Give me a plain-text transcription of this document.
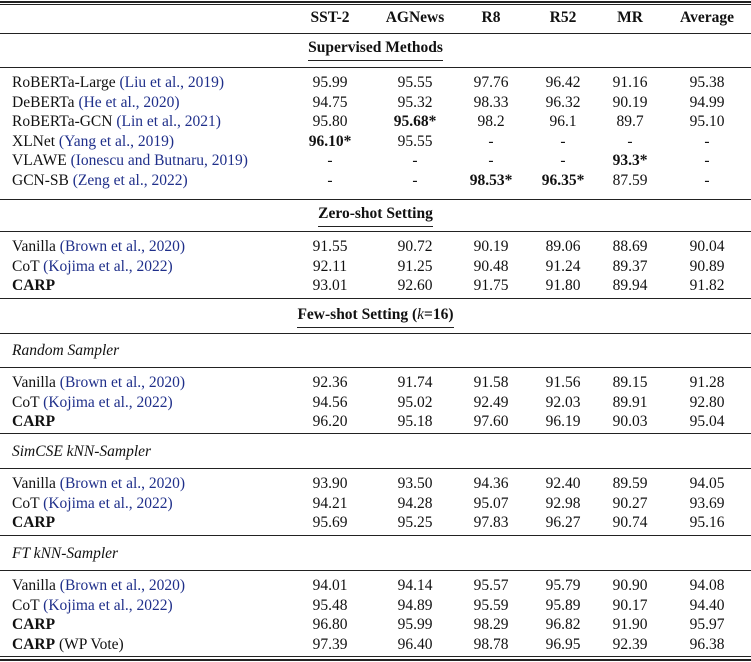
SST-2	AGNews	R8	R52	MR	Average
Supervised Methods
RoBERTa-Large (Liu et al., 2019)	95.99	95.55	97.76	96.42	91.16	95.38
DeBERTa (He et al., 2020)	94.75	95.32	98.33	96.32	90.19	94.99
RoBERTa-GCN (Lin et al., 2021)	95.80	95.68*	98.2	96.1	89.7	95.10
XLNet (Yang et al., 2019)	96.10*	95.55	-	-	-	-
VLAWE (Ionescu and Butnaru, 2019)	-	-	-	-	93.3*	-
GCN-SB (Zeng et al., 2022)	-	-	98.53*	96.35*	87.59	-
Zero-shot Setting
Vanilla (Brown et al., 2020)	91.55	90.72	90.19	89.06	88.69	90.04
CoT (Kojima et al., 2022)	92.11	91.25	90.48	91.24	89.37	90.89
CARP	93.01	92.60	91.75	91.80	89.94	91.82
Few-shot Setting (k=16)
Random Sampler
Vanilla (Brown et al., 2020)	92.36	91.74	91.58	91.56	89.15	91.28
CoT (Kojima et al., 2022)	94.56	95.02	92.49	92.03	89.91	92.80
CARP	96.20	95.18	97.60	96.19	90.03	95.04
SimCSE kNN-Sampler
Vanilla (Brown et al., 2020)	93.90	93.50	94.36	92.40	89.59	94.05
CoT (Kojima et al., 2022)	94.21	94.28	95.07	92.98	90.27	93.69
CARP	95.69	95.25	97.83	96.27	90.74	95.16
FT kNN-Sampler
Vanilla (Brown et al., 2020)	94.01	94.14	95.57	95.79	90.90	94.08
CoT (Kojima et al., 2022)	95.48	94.89	95.59	95.89	90.17	94.40
CARP	96.80	95.99	98.29	96.82	91.90	95.97
CARP (WP Vote)	97.39	96.40	98.78	96.95	92.39	96.38
